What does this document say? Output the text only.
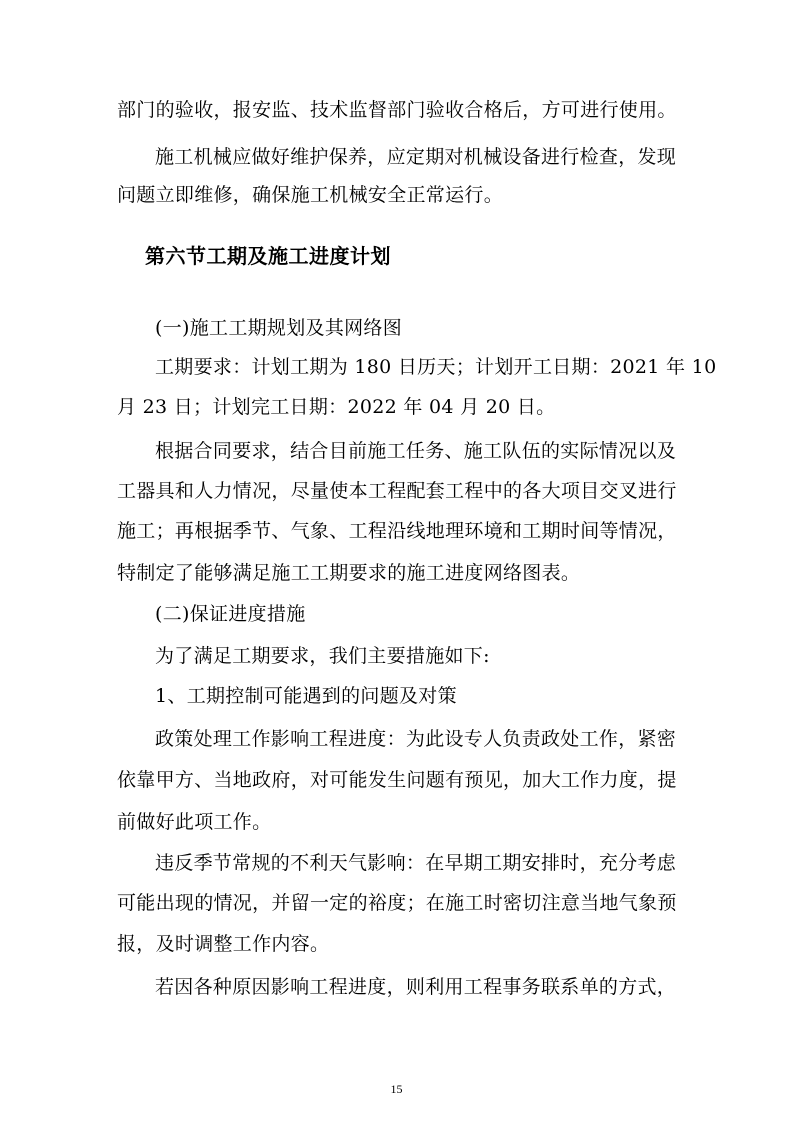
部门的验收，报安监、技术监督部门验收合格后，方可进行使用。
施工机械应做好维护保养，应定期对机械设备进行检查，发现
问题立即维修，确保施工机械安全正常运行。
第六节工期及施工进度计划
(一)施工工期规划及其网络图
工期要求：计划工期为 180 日历天；计划开工日期：2021 年 10
月 23 日；计划完工日期：2022 年 04 月 20 日。
根据合同要求，结合目前施工任务、施工队伍的实际情况以及
工器具和人力情况，尽量使本工程配套工程中的各大项目交叉进行
施工；再根据季节、气象、工程沿线地理环境和工期时间等情况，
特制定了能够满足施工工期要求的施工进度网络图表。
(二)保证进度措施
为了满足工期要求，我们主要措施如下:
1、工期控制可能遇到的问题及对策
政策处理工作影响工程进度：为此设专人负责政处工作，紧密
依靠甲方、当地政府，对可能发生问题有预见，加大工作力度，提
前做好此项工作。
违反季节常规的不利天气影响：在早期工期安排时，充分考虑
可能出现的情况，并留一定的裕度；在施工时密切注意当地气象预
报，及时调整工作内容。
若因各种原因影响工程进度，则利用工程事务联系单的方式，
15
